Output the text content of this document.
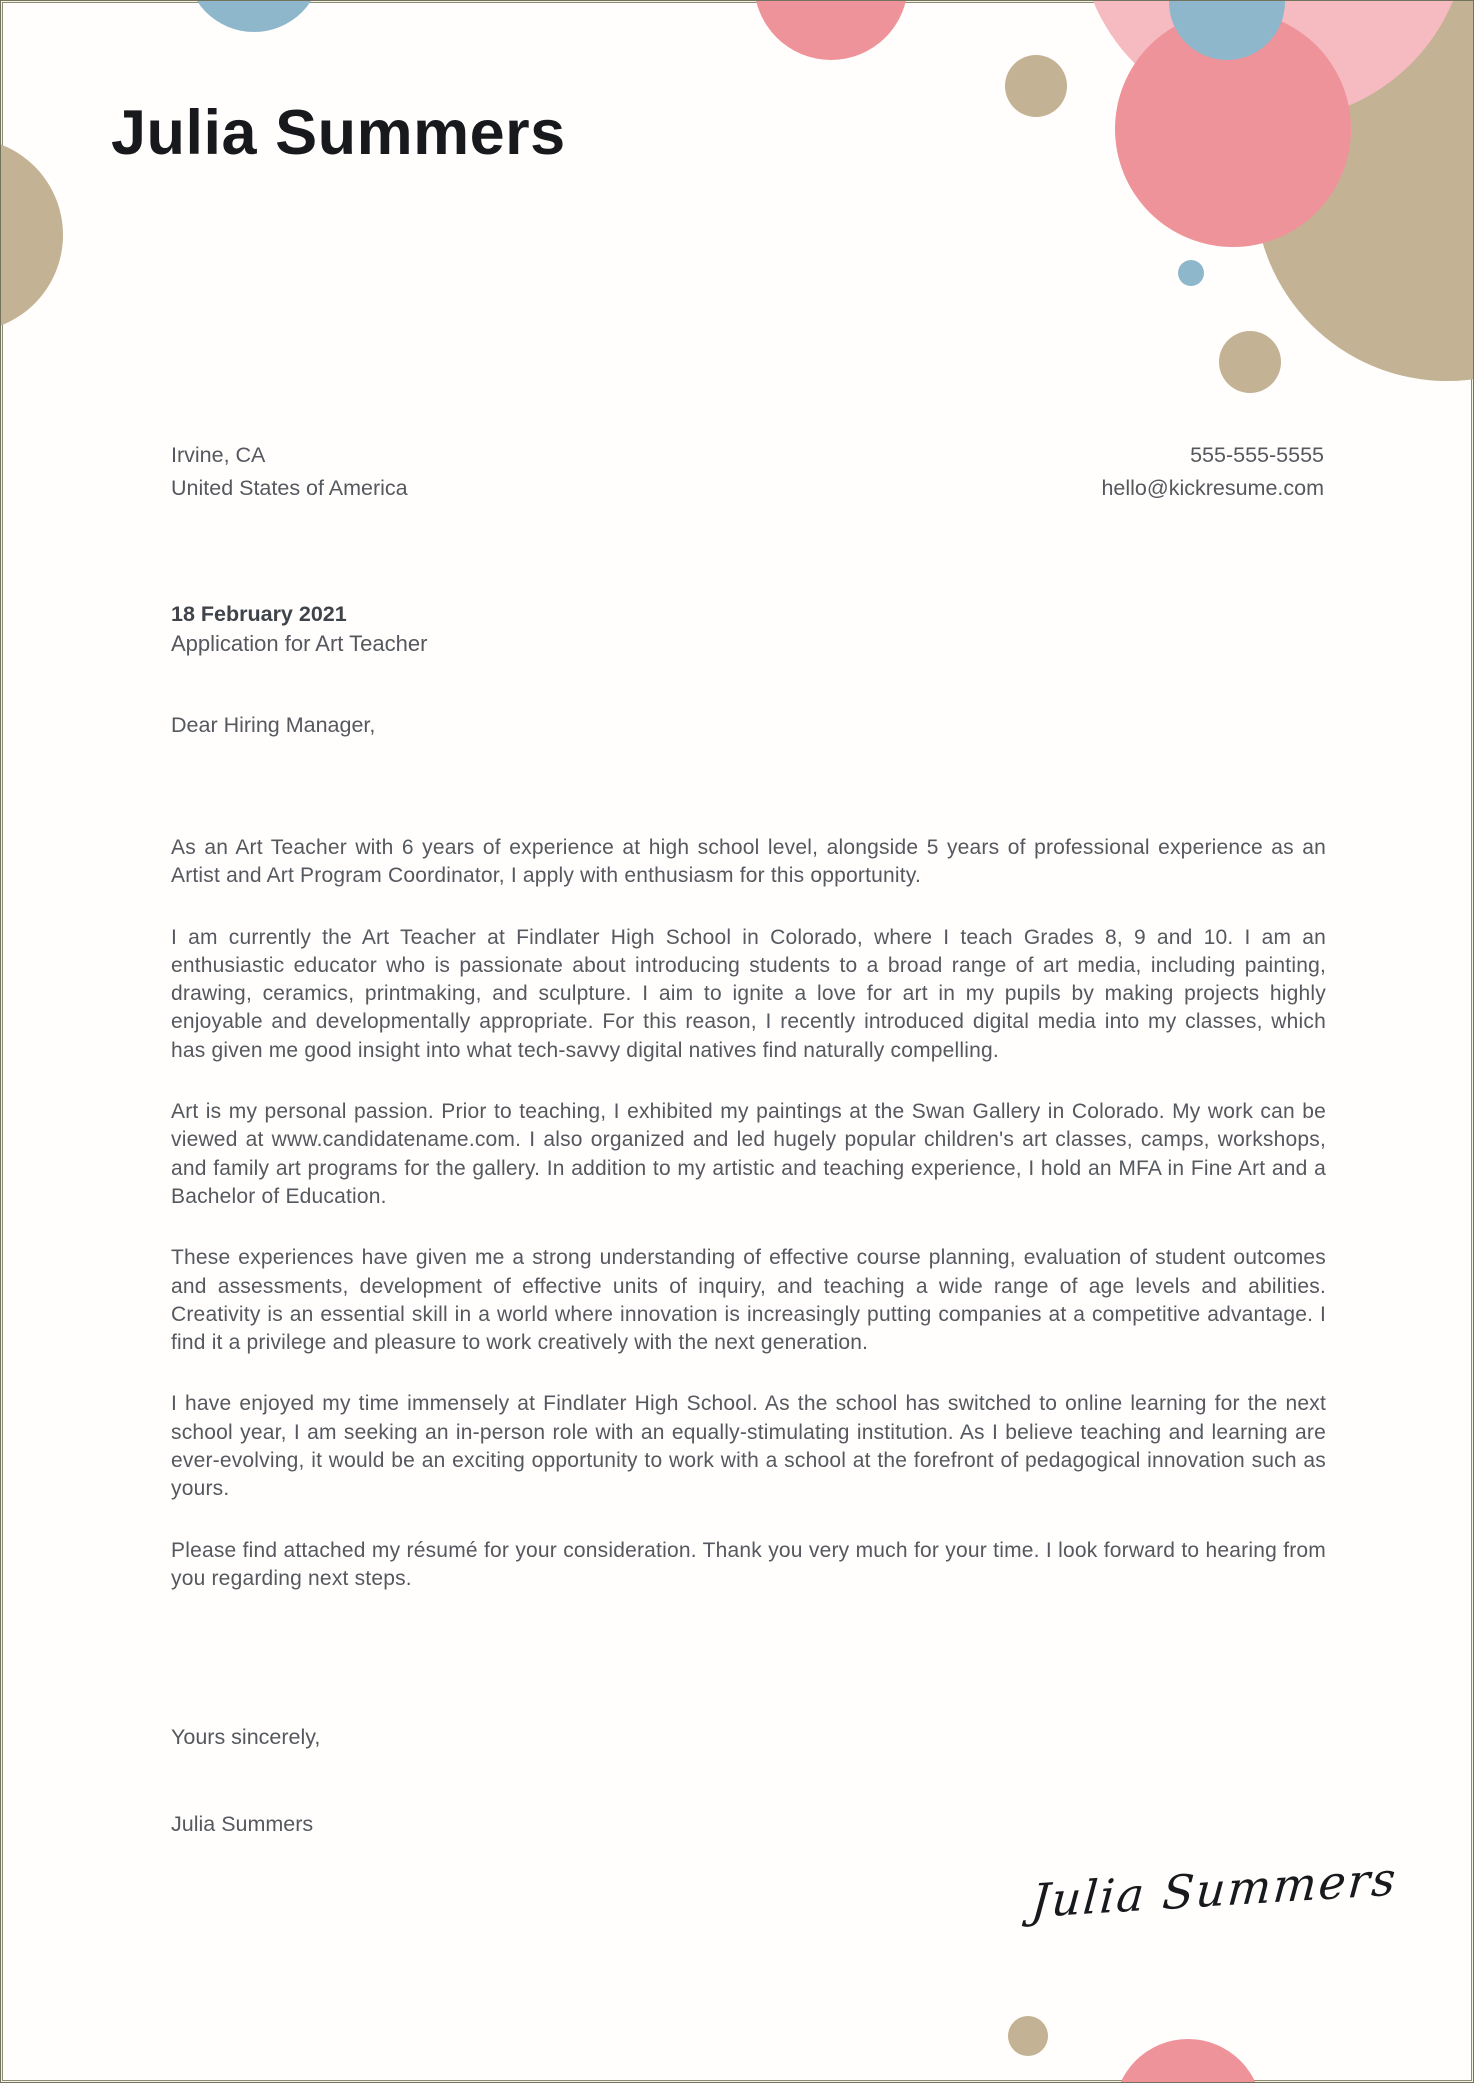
Julia Summers
Irvine, CA
United States of America
555-555-5555
hello@kickresume.com
18 February 2021
Application for Art Teacher
Dear Hiring Manager,

As an Art Teacher with 6 years of experience at high school level, alongside 5 years of professional experience as an Artist and Art Program Coordinator, I apply with enthusiasm for this opportunity.

I am currently the Art Teacher at Findlater High School in Colorado, where I teach Grades 8, 9 and 10. I am an enthusiastic educator who is passionate about introducing students to a broad range of art media, including painting, drawing, ceramics, printmaking, and sculpture. I aim to ignite a love for art in my pupils by making projects highly enjoyable and developmentally appropriate. For this reason, I recently introduced digital media into my classes, which has given me good insight into what tech-savvy digital natives find naturally compelling.

Art is my personal passion. Prior to teaching, I exhibited my paintings at the Swan Gallery in Colorado. My work can be viewed at www.candidatename.com. I also organized and led hugely popular children's art classes, camps, workshops, and family art programs for the gallery. In addition to my artistic and teaching experience, I hold an MFA in Fine Art and a Bachelor of Education.

These experiences have given me a strong understanding of effective course planning, evaluation of student outcomes and assessments, development of effective units of inquiry, and teaching a wide range of age levels and abilities. Creativity is an essential skill in a world where innovation is increasingly putting companies at a competitive advantage. I find it a privilege and pleasure to work creatively with the next generation.

I have enjoyed my time immensely at Findlater High School. As the school has switched to online learning for the next school year, I am seeking an in-person role with an equally-stimulating institution. As I believe teaching and learning are ever-evolving, it would be an exciting opportunity to work with a school at the forefront of pedagogical innovation such as yours.

Please find attached my résumé for your consideration. Thank you very much for your time. I look forward to hearing from you regarding next steps.

Yours sincerely,
Julia Summers
Julia Summers
